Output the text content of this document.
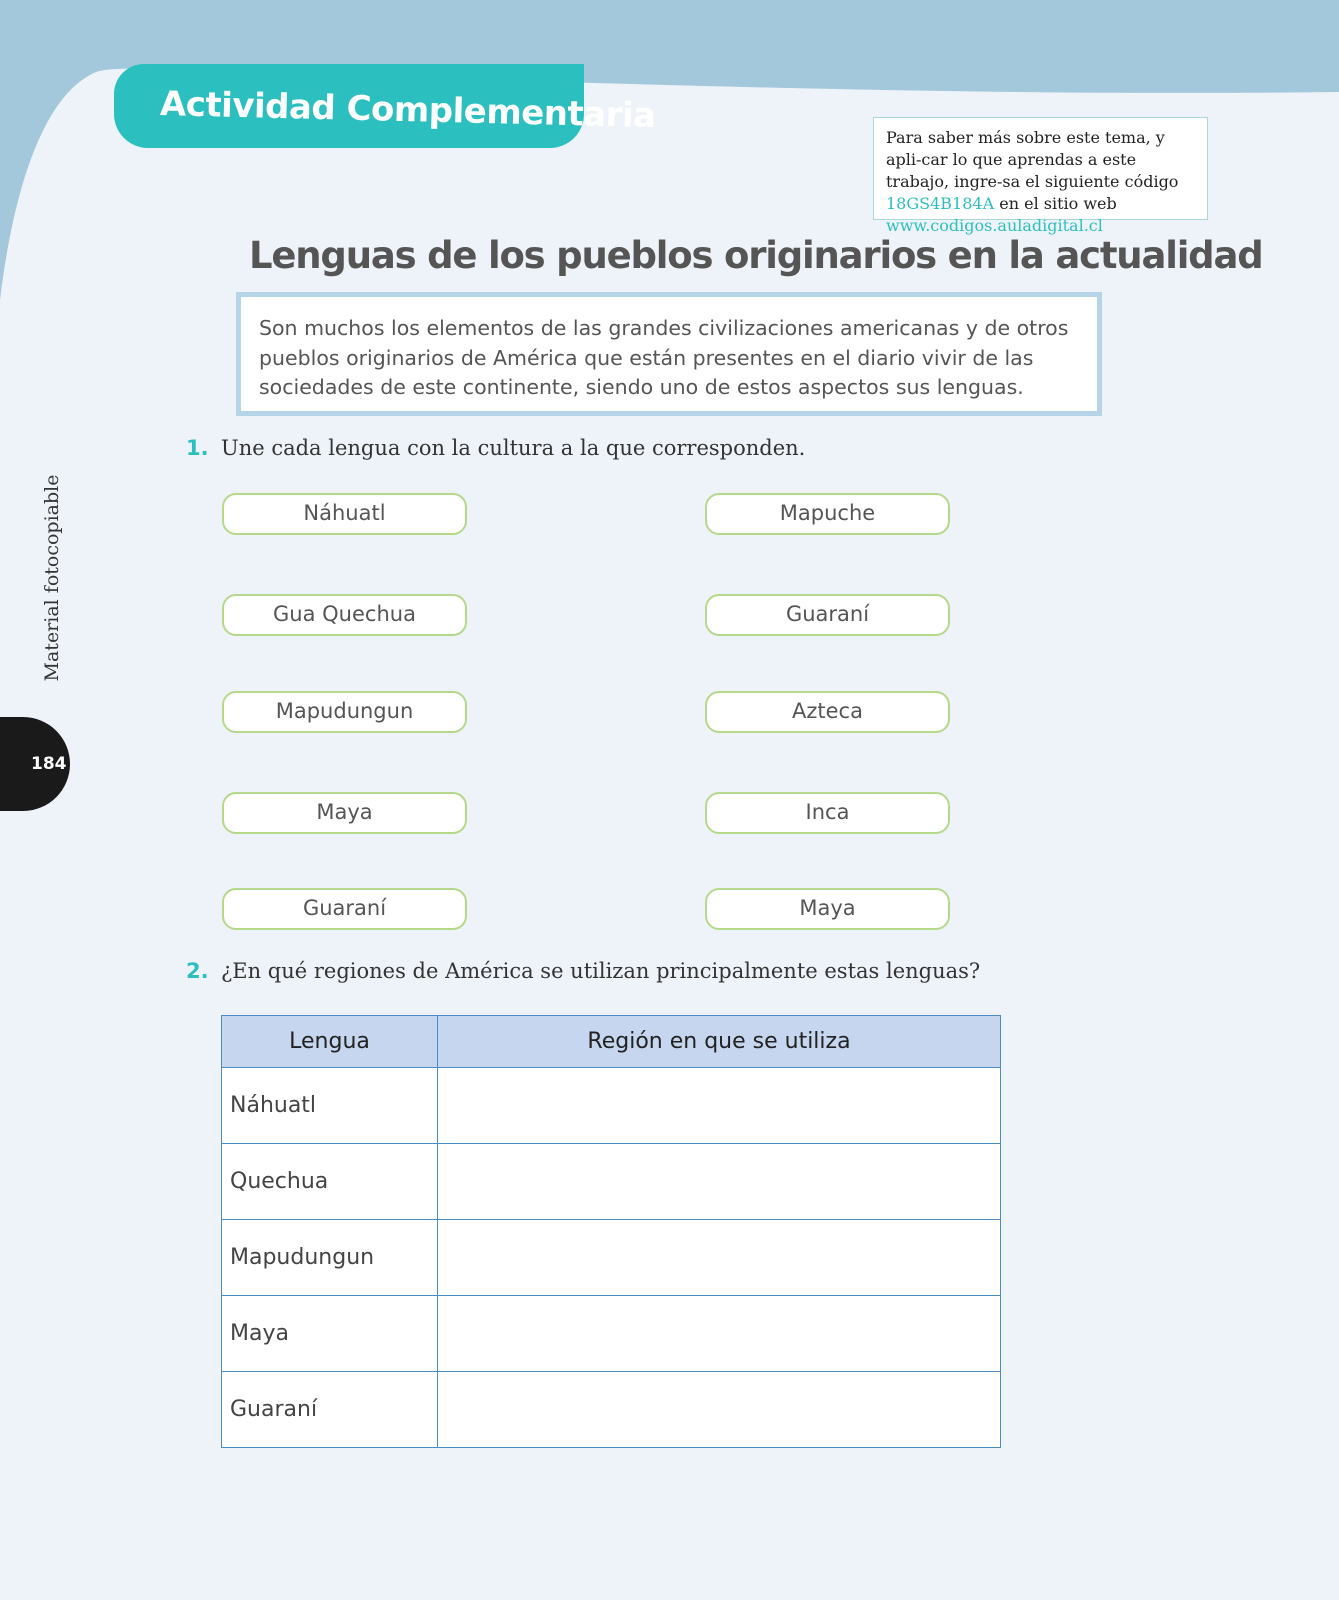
Actividad Complementaria
Para saber más sobre este tema, y apli-car lo que aprendas a este trabajo, ingre-sa el siguiente código 18GS4B184A en el sitio web www.codigos.auladigital.cl
Lenguas de los pueblos originarios en la actualidad
Son muchos los elementos de las grandes civilizaciones americanas y de otros pueblos originarios de América que están presentes en el diario vivir de las sociedades de este continente, siendo uno de estos aspectos sus lenguas.
1. Une cada lengua con la cultura a la que corresponden.
Náhuatl
Gua Quechua
Mapudungun
Maya
Guaraní
Mapuche
Guaraní
Azteca
Inca
Maya
2. ¿En qué regiones de América se utilizan principalmente estas lenguas?
Lengua	Región en que se utiliza
Náhuatl	
Quechua	
Mapudungun	
Maya	
Guaraní	
Material fotocopiable
184
